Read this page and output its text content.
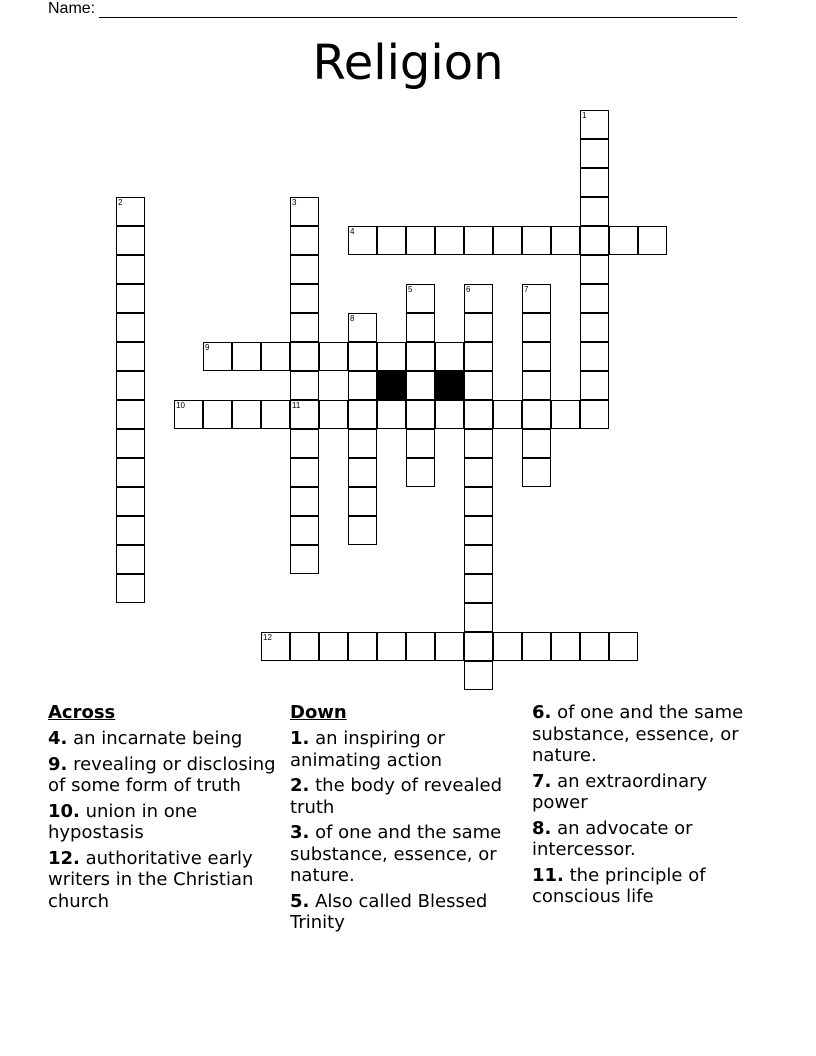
Name:
Religion
1
2	3
4
5	6	7
8
9
10	11
12
Across
4. an incarnate being
9. revealing or disclosing of some form of truth
10. union in one hypostasis
12. authoritative early writers in the Christian church
Down
1. an inspiring or animating action
2. the body of revealed truth
3. of one and the same substance, essence, or nature.
5. Also called Blessed Trinity
6. of one and the same substance, essence, or nature.
7. an extraordinary power
8. an advocate or intercessor.
11. the principle of conscious life
